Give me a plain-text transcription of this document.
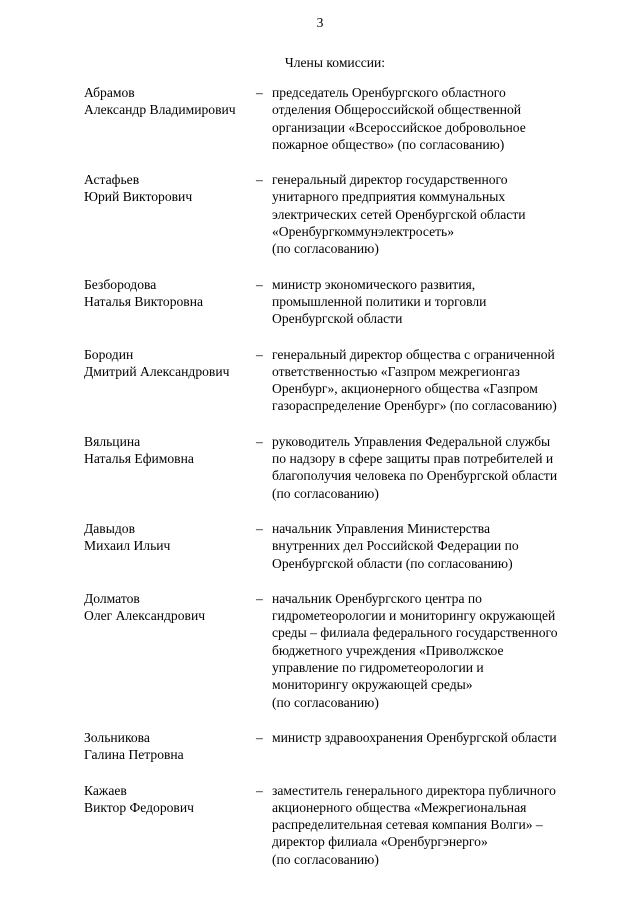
3
Члены комиссии:
Абрамов
Александр Владимирович
– председатель Оренбургского областного
отделения Общероссийской общественной
организации «Всероссийское добровольное
пожарное общество» (по согласованию)
Астафьев
Юрий Викторович
– генеральный директор государственного
унитарного предприятия коммунальных
электрических сетей Оренбургской области
«Оренбургкоммунэлектросеть»
(по согласованию)
Безбородова
Наталья Викторовна
– министр экономического развития,
промышленной политики и торговли
Оренбургской области
Бородин
Дмитрий Александрович
– генеральный директор общества с ограниченной
ответственностью «Газпром межрегионгаз
Оренбург», акционерного общества «Газпром
газораспределение Оренбург» (по согласованию)
Вяльцина
Наталья Ефимовна
– руководитель Управления Федеральной службы
по надзору в сфере защиты прав потребителей и
благополучия человека по Оренбургской области
(по согласованию)
Давыдов
Михаил Ильич
– начальник Управления Министерства
внутренних дел Российской Федерации по
Оренбургской области (по согласованию)
Долматов
Олег Александрович
– начальник Оренбургского центра по
гидрометеорологии и мониторингу окружающей
среды – филиала федерального государственного
бюджетного учреждения «Приволжское
управление по гидрометеорологии и
мониторингу окружающей среды»
(по согласованию)
Зольникова
Галина Петровна
– министр здравоохранения Оренбургской области
Кажаев
Виктор Федорович
– заместитель генерального директора публичного
акционерного общества «Межрегиональная
распределительная сетевая компания Волги» –
директор филиала «Оренбургэнерго»
(по согласованию)
